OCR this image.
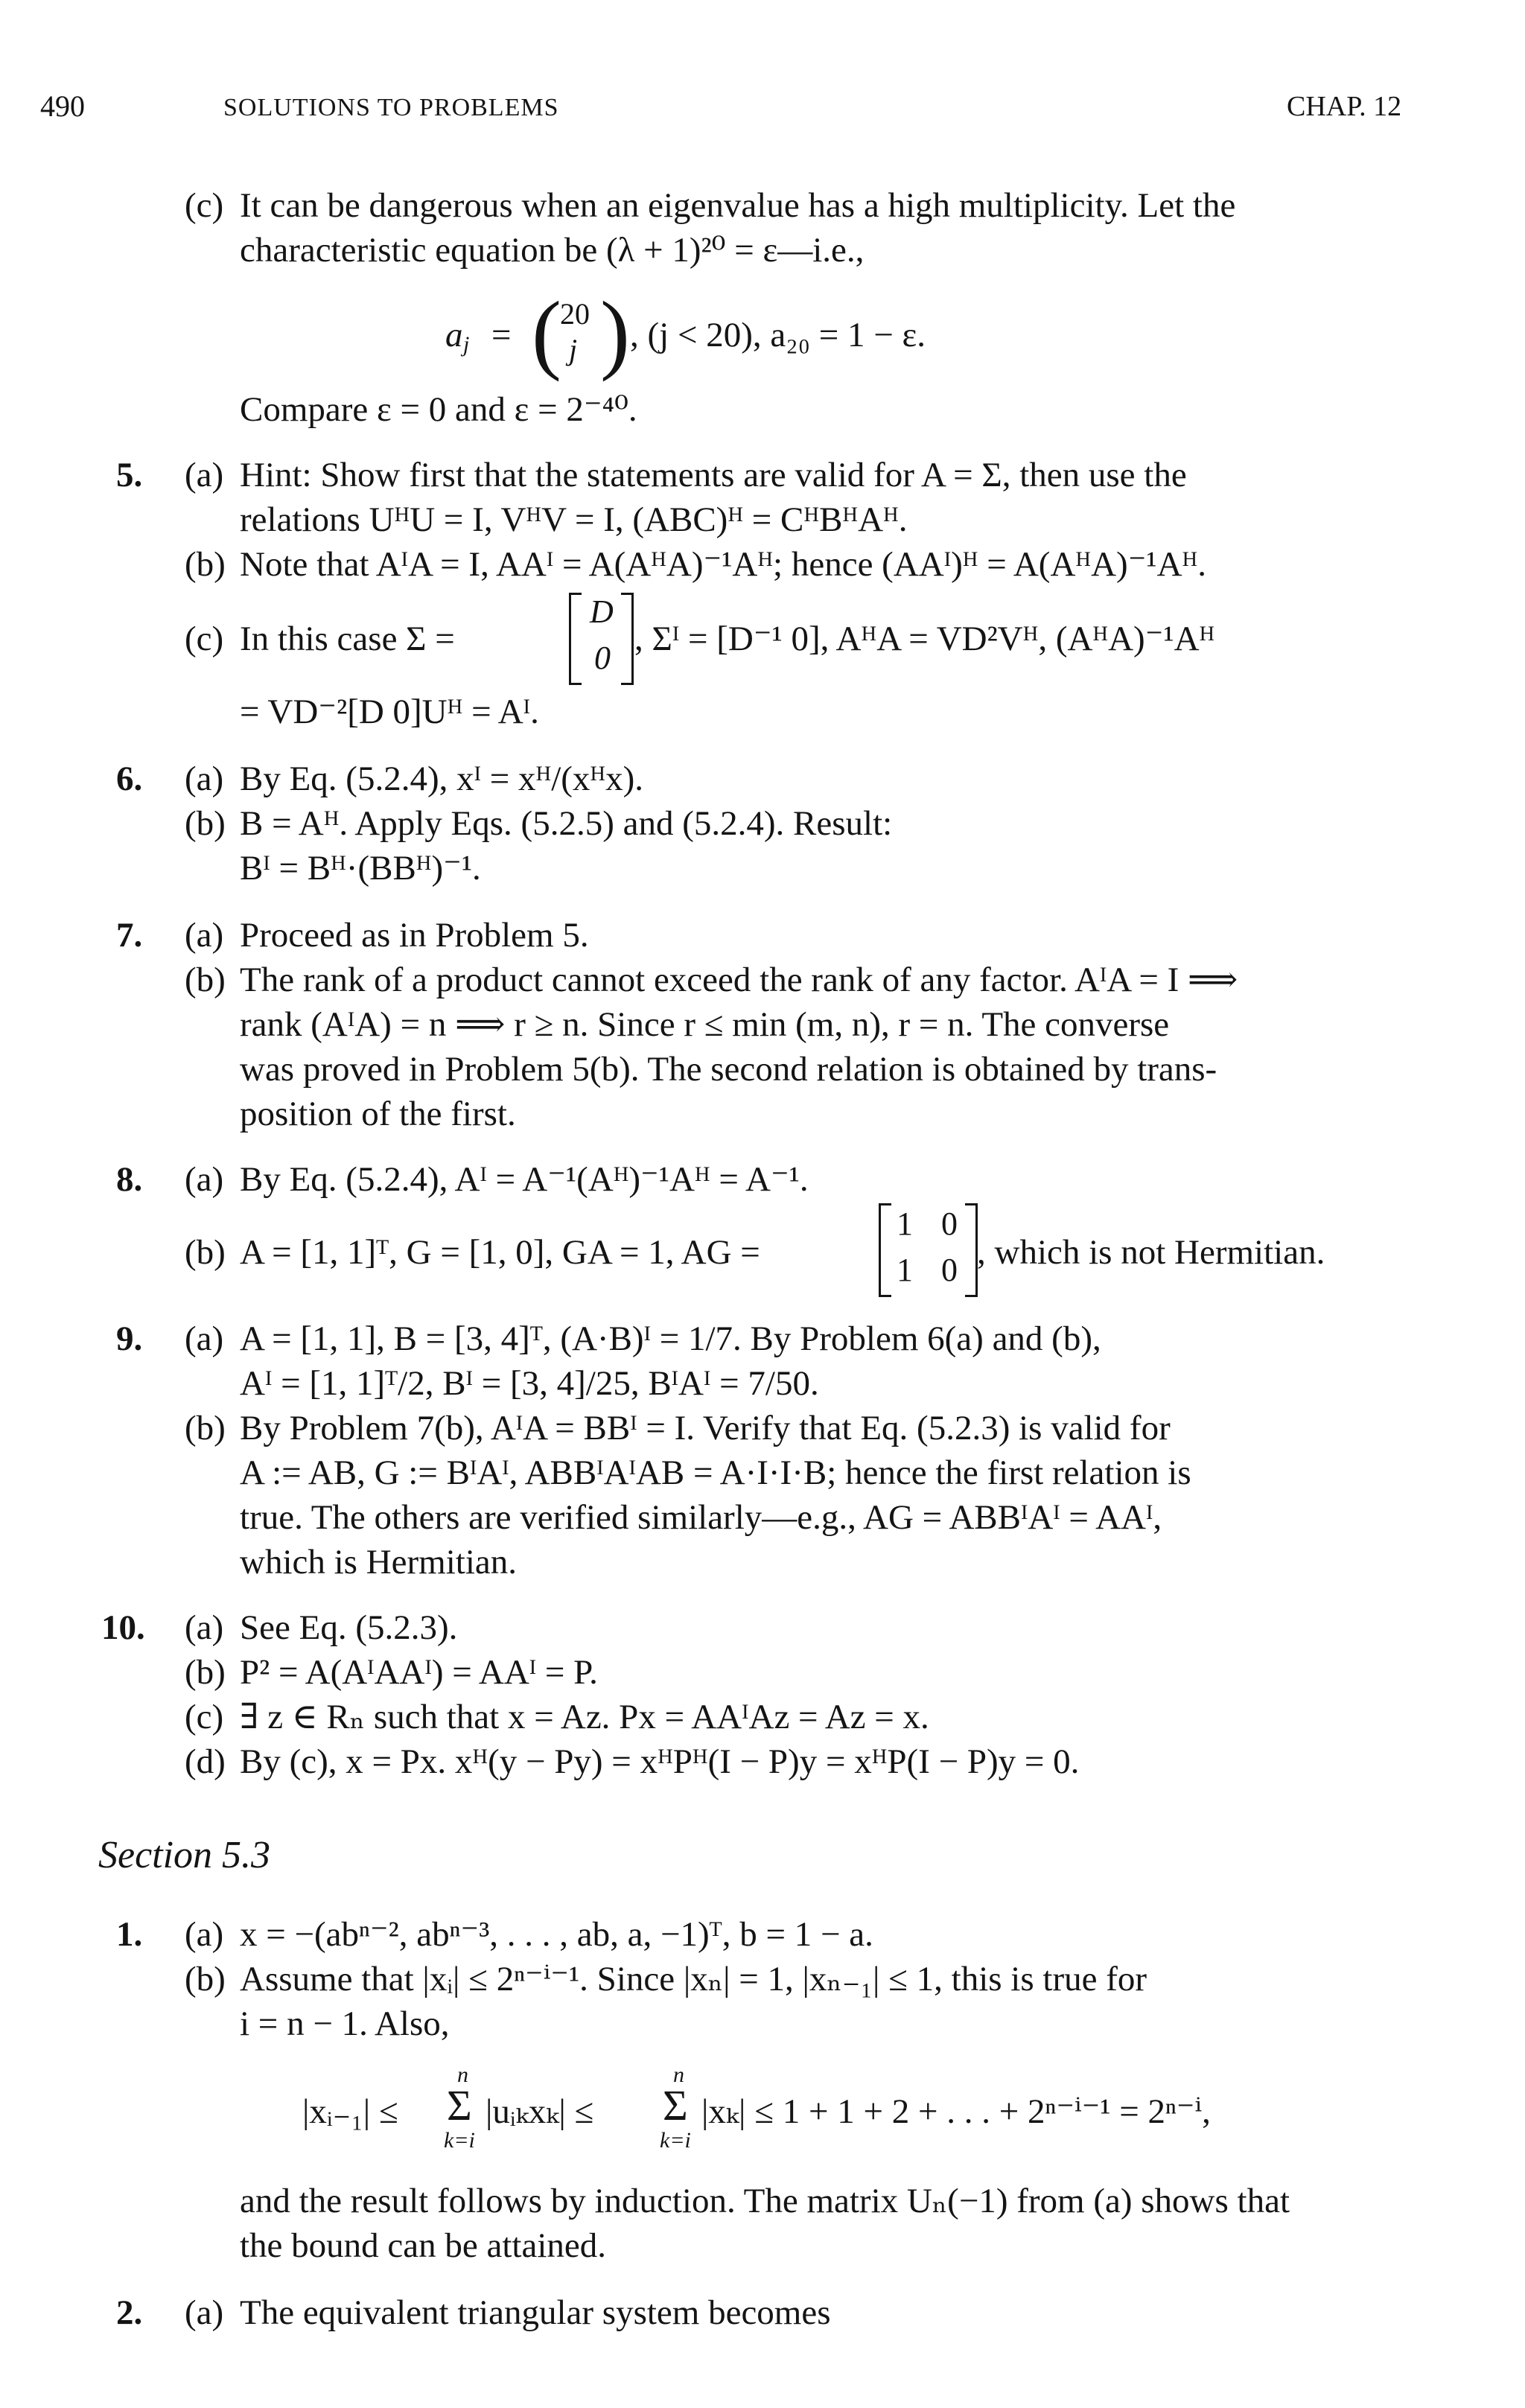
490	SOLUTIONS TO PROBLEMS	CHAP. 12
(c) It can be dangerous when an eigenvalue has a high multiplicity. Let the
characteristic equation be (λ + 1)²⁰ = ε—i.e.,
a j = (
20
j ) , (j < 20), a₂₀ = 1 − ε.
Compare ε = 0 and ε = 2⁻⁴⁰.
5. (a) Hint: Show first that the statements are valid for A = Σ, then use the
relations UᴴU = I, VᴴV = I, (ABC)ᴴ = CᴴBᴴAᴴ.
(b) Note that AᴵA = I, AAᴵ = A(AᴴA)⁻¹Aᴴ; hence (AAᴵ)ᴴ = A(AᴴA)⁻¹Aᴴ.
(c) In this case Σ =
D
0 , Σᴵ = [D⁻¹ 0], AᴴA = VD²Vᴴ, (AᴴA)⁻¹Aᴴ
= VD⁻²[D 0]Uᴴ = Aᴵ.
6. (a) By Eq. (5.2.4), xᴵ = xᴴ/(xᴴx).
(b) B = Aᴴ. Apply Eqs. (5.2.5) and (5.2.4). Result:
Bᴵ = Bᴴ·(BBᴴ)⁻¹.
7. (a) Proceed as in Problem 5.
(b) The rank of a product cannot exceed the rank of any factor. AᴵA = I ⟹
rank (AᴵA) = n ⟹ r ≥ n. Since r ≤ min (m, n), r = n. The converse
was proved in Problem 5(b). The second relation is obtained by trans-
position of the first.
8. (a) By Eq. (5.2.4), Aᴵ = A⁻¹(Aᴴ)⁻¹Aᴴ = A⁻¹.
(b) A = [1, 1]ᵀ, G = [1, 0], GA = 1, AG =
1 0
1 0 , which is not Hermitian.
9. (a) A = [1, 1], B = [3, 4]ᵀ, (A·B)ᴵ = 1/7. By Problem 6(a) and (b),
Aᴵ = [1, 1]ᵀ/2, Bᴵ = [3, 4]/25, BᴵAᴵ = 7/50.
(b) By Problem 7(b), AᴵA = BBᴵ = I. Verify that Eq. (5.2.3) is valid for
A := AB, G := BᴵAᴵ, ABBᴵAᴵAB = A·I·I·B; hence the first relation is
true. The others are verified similarly—e.g., AG = ABBᴵAᴵ = AAᴵ,
which is Hermitian.
10. (a) See Eq. (5.2.3).
(b) P² = A(AᴵAAᴵ) = AAᴵ = P.
(c) ∃ z ∈ Rₙ such that x = Az. Px = AAᴵAz = Az = x.
(d) By (c), x = Px. xᴴ(y − Py) = xᴴPᴴ(I − P)y = xᴴP(I − P)y = 0.
Section 5.3
1. (a) x = −(abⁿ⁻², abⁿ⁻³, . . . , ab, a, −1)ᵀ, b = 1 − a.
(b) Assume that |xᵢ| ≤ 2ⁿ⁻ⁱ⁻¹. Since |xₙ| = 1, |xₙ₋₁| ≤ 1, this is true for
i = n − 1. Also,
|xᵢ₋₁| ≤
n
Σ
k=i
|uᵢₖxₖ| ≤
n
Σ
k=i
|xₖ| ≤ 1 + 1 + 2 + . . . + 2ⁿ⁻ⁱ⁻¹ = 2ⁿ⁻ⁱ,
and the result follows by induction. The matrix Uₙ(−1) from (a) shows that
the bound can be attained.
2. (a) The equivalent triangular system becomes
